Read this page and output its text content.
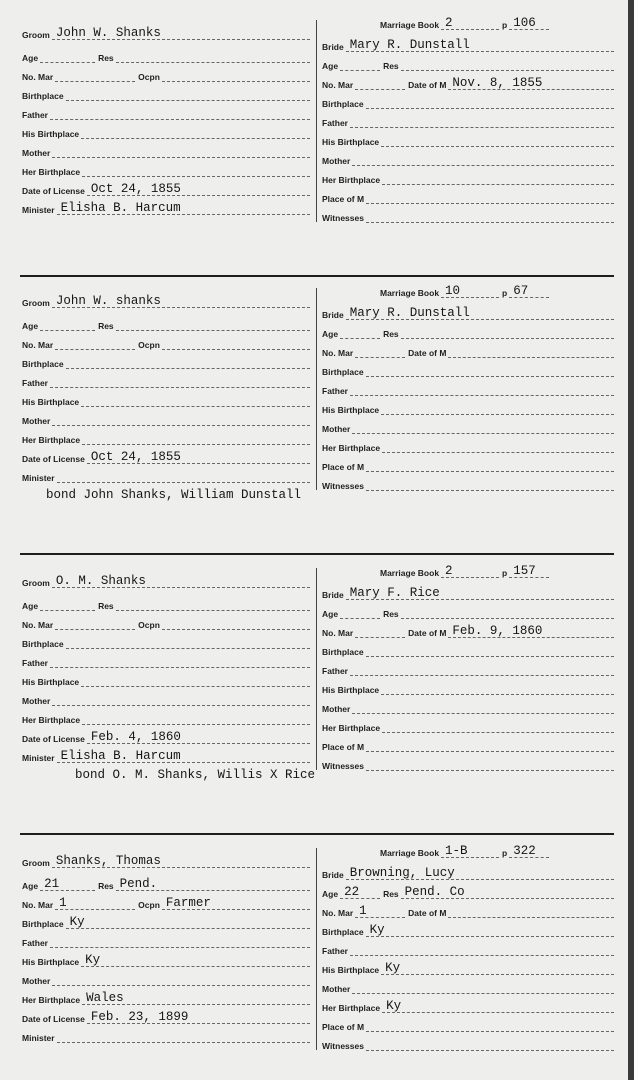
Marriage Book 2	p 106
Groom John W. Shanks
Age	Res
No. Mar	Ocpn
Birthplace
Father
His Birthplace
Mother
Her Birthplace
Date of License Oct 24, 1855
Minister Elisha B. Harcum
Bride Mary R. Dunstall
Age	Res
No. Mar	Date of M Nov. 8, 1855
Birthplace
Father
His Birthplace
Mother
Her Birthplace
Place of M
Witnesses
Marriage Book 10	p 67
Groom John W. shanks
Age	Res
No. Mar	Ocpn
Birthplace
Father
His Birthplace
Mother
Her Birthplace
Date of License Oct 24, 1855
Minister
Bride Mary R. Dunstall
Age	Res
No. Mar	Date of M
Birthplace
Father
His Birthplace
Mother
Her Birthplace
Place of M
Witnesses
bond John Shanks, William Dunstall
Marriage Book 2	p 157
Groom O. M. Shanks
Age	Res
No. Mar	Ocpn
Birthplace
Father
His Birthplace
Mother
Her Birthplace
Date of License Feb. 4, 1860
Minister Elisha B. Harcum
Bride Mary F. Rice
Age	Res
No. Mar	Date of M Feb. 9, 1860
Birthplace
Father
His Birthplace
Mother
Her Birthplace
Place of M
Witnesses
bond O. M. Shanks, Willis X Rice
Marriage Book 1-B	p 322
Groom Shanks, Thomas
Age 21	Res Pend.
No. Mar 1	Ocpn Farmer
Birthplace Ky
Father
His Birthplace Ky
Mother
Her Birthplace Wales
Date of License Feb. 23, 1899
Minister
Bride Browning, Lucy
Age 22	Res Pend. Co
No. Mar 1	Date of M
Birthplace Ky
Father
His Birthplace Ky
Mother
Her Birthplace Ky
Place of M
Witnesses
